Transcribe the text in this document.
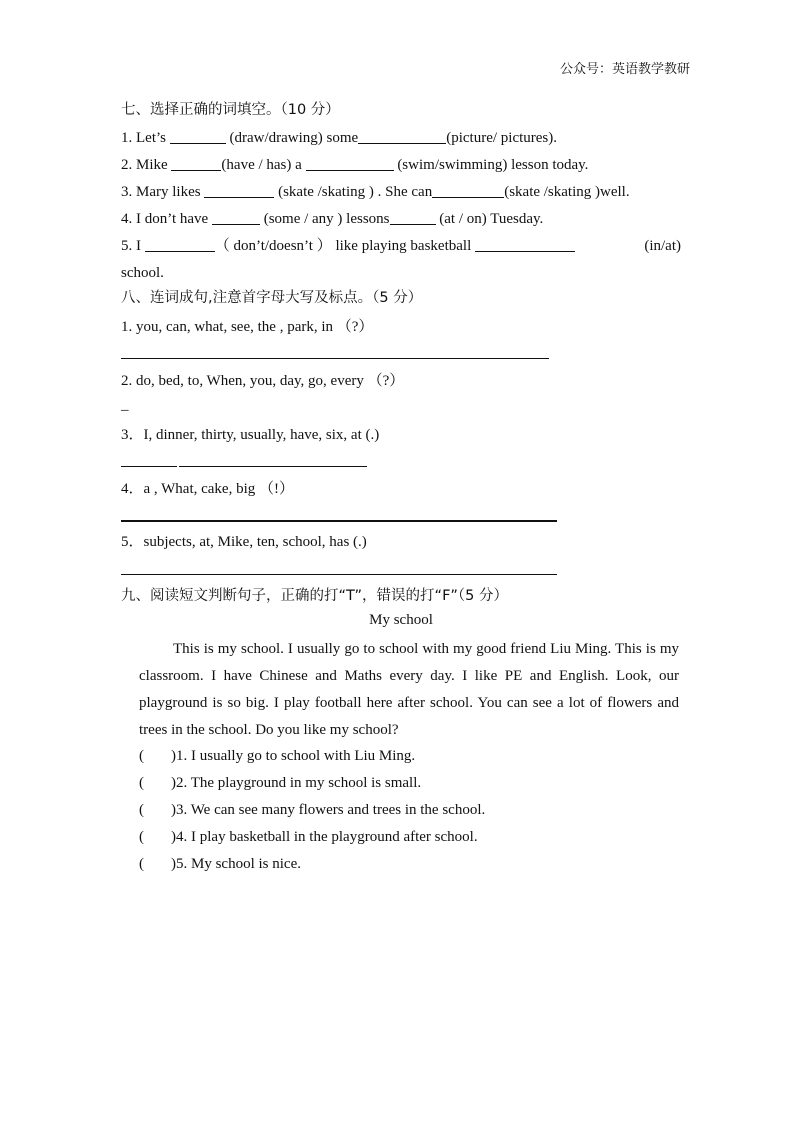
公众号：英语教学教研
七、选择正确的词填空。（10 分）
1. Let’s	(draw/drawing) some	(picture/ pictures).
2. Mike	(have / has) a	(swim/swimming) lesson today.
3. Mary likes	(skate /skating ) . She can	(skate /skating )well.
4. I don’t have	(some / any ) lessons	(at / on) Tuesday.
5. I	（ don’t/doesn’t ） like playing basketball	(in/at)
school.
八、连词成句,注意首字母大写及标点。（5 分）
1. you, can, what, see, the , park, in （?）
2. do, bed, to, When, you, day, go, every （?）
_
3．I, dinner, thirty, usually, have, six, at (.)
4．a , What, cake, big （!）
5．subjects, at, Mike, ten, school, has (.)
九、阅读短文判断句子，正确的打“T”，错误的打“F”（5 分）
My school
This is my school. I usually go to school with my good friend Liu Ming. This is my classroom. I have Chinese and Maths every day. I like PE and English. Look, our playground is so big. I play football here after school. You can see a lot of flowers and trees in the school. Do you like my school?
( )1. I usually go to school with Liu Ming.
( )2. The playground in my school is small.
( )3. We can see many flowers and trees in the school.
( )4. I play basketball in the playground after school.
( )5. My school is nice.
